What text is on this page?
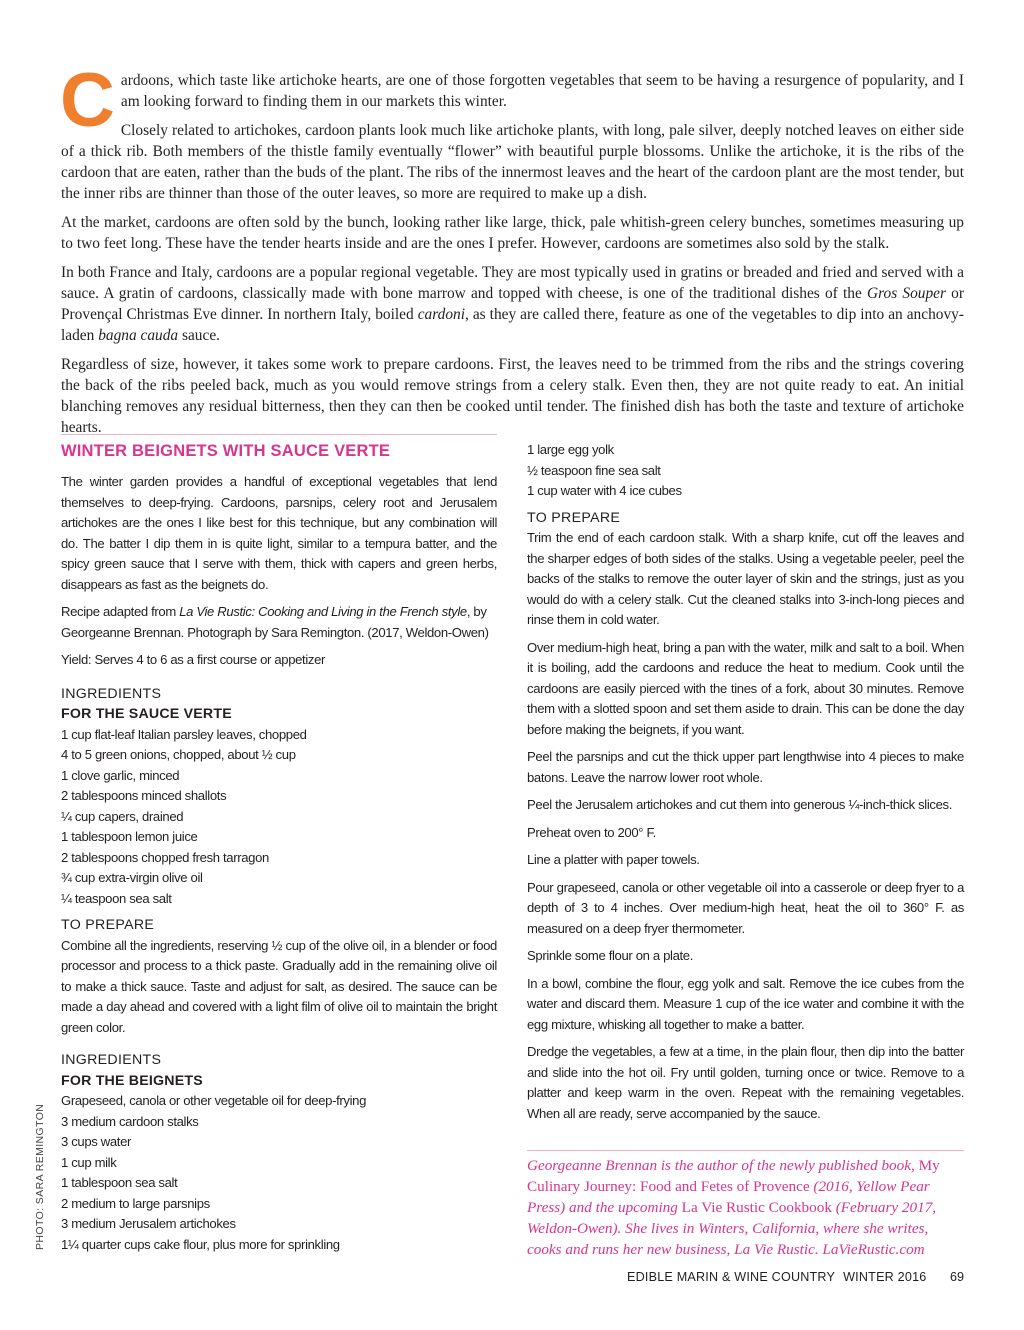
Cardoons, which taste like artichoke hearts, are one of those forgotten vegetables that seem to be having a resurgence of popularity, and I am looking forward to finding them in our markets this winter.

Closely related to artichokes, cardoon plants look much like artichoke plants, with long, pale silver, deeply notched leaves on either side of a thick rib. Both members of the thistle family eventually “flower” with beautiful purple blossoms. Unlike the artichoke, it is the ribs of the cardoon that are eaten, rather than the buds of the plant. The ribs of the innermost leaves and the heart of the cardoon plant are the most tender, but the inner ribs are thinner than those of the outer leaves, so more are required to make up a dish.

At the market, cardoons are often sold by the bunch, looking rather like large, thick, pale whitish-green celery bunches, sometimes measuring up to two feet long. These have the tender hearts inside and are the ones I prefer. However, cardoons are sometimes also sold by the stalk.

In both France and Italy, cardoons are a popular regional vegetable. They are most typically used in gratins or breaded and fried and served with a sauce. A gratin of cardoons, classically made with bone marrow and topped with cheese, is one of the traditional dishes of the Gros Souper or Provençal Christmas Eve dinner. In northern Italy, boiled cardoni, as they are called there, feature as one of the vegetables to dip into an anchovy-laden bagna cauda sauce.

Regardless of size, however, it takes some work to prepare cardoons. First, the leaves need to be trimmed from the ribs and the strings covering the back of the ribs peeled back, much as you would remove strings from a celery stalk. Even then, they are not quite ready to eat. An initial blanching removes any residual bitterness, then they can then be cooked until tender. The finished dish has both the taste and texture of artichoke hearts.

WINTER BEIGNETS WITH SAUCE VERTE

The winter garden provides a handful of exceptional vegetables that lend themselves to deep-frying. Cardoons, parsnips, celery root and Jerusalem artichokes are the ones I like best for this technique, but any combination will do. The batter I dip them in is quite light, similar to a tempura batter, and the spicy green sauce that I serve with them, thick with capers and green herbs, disappears as fast as the beignets do.

Recipe adapted from La Vie Rustic: Cooking and Living in the French style, by Georgeanne Brennan. Photograph by Sara Remington. (2017, Weldon-Owen)

Yield: Serves 4 to 6 as a first course or appetizer

INGREDIENTS
FOR THE SAUCE VERTE
1 cup flat-leaf Italian parsley leaves, chopped
4 to 5 green onions, chopped, about ½ cup
1 clove garlic, minced
2 tablespoons minced shallots
¼ cup capers, drained
1 tablespoon lemon juice
2 tablespoons chopped fresh tarragon
¾ cup extra-virgin olive oil
¼ teaspoon sea salt
TO PREPARE

Combine all the ingredients, reserving ½ cup of the olive oil, in a blender or food processor and process to a thick paste. Gradually add in the remaining olive oil to make a thick sauce. Taste and adjust for salt, as desired. The sauce can be made a day ahead and covered with a light film of olive oil to maintain the bright green color.

INGREDIENTS
FOR THE BEIGNETS
Grapeseed, canola or other vegetable oil for deep-frying
3 medium cardoon stalks
3 cups water
1 cup milk
1 tablespoon sea salt
2 medium to large parsnips
3 medium Jerusalem artichokes
1¼ quarter cups cake flour, plus more for sprinkling
1 large egg yolk
½ teaspoon fine sea salt
1 cup water with 4 ice cubes
TO PREPARE

Trim the end of each cardoon stalk. With a sharp knife, cut off the leaves and the sharper edges of both sides of the stalks. Using a vegetable peeler, peel the backs of the stalks to remove the outer layer of skin and the strings, just as you would do with a celery stalk. Cut the cleaned stalks into 3-inch-long pieces and rinse them in cold water.

Over medium-high heat, bring a pan with the water, milk and salt to a boil. When it is boiling, add the cardoons and reduce the heat to medium. Cook until the cardoons are easily pierced with the tines of a fork, about 30 minutes. Remove them with a slotted spoon and set them aside to drain. This can be done the day before making the beignets, if you want.

Peel the parsnips and cut the thick upper part lengthwise into 4 pieces to make batons. Leave the narrow lower root whole.

Peel the Jerusalem artichokes and cut them into generous ¼-inch-thick slices.

Preheat oven to 200° F.

Line a platter with paper towels.

Pour grapeseed, canola or other vegetable oil into a casserole or deep fryer to a depth of 3 to 4 inches. Over medium-high heat, heat the oil to 360° F. as measured on a deep fryer thermometer.

Sprinkle some flour on a plate.

In a bowl, combine the flour, egg yolk and salt. Remove the ice cubes from the water and discard them. Measure 1 cup of the ice water and combine it with the egg mixture, whisking all together to make a batter.

Dredge the vegetables, a few at a time, in the plain flour, then dip into the batter and slide into the hot oil. Fry until golden, turning once or twice. Remove to a platter and keep warm in the oven. Repeat with the remaining vegetables. When all are ready, serve accompanied by the sauce.

Georgeanne Brennan is the author of the newly published book, My Culinary Journey: Food and Fetes of Provence (2016, Yellow Pear Press) and the upcoming La Vie Rustic Cookbook (February 2017, Weldon-Owen). She lives in Winters, California, where she writes, cooks and runs her new business, La Vie Rustic. LaVieRustic.com
EDIBLE MARIN & WINE COUNTRY WINTER 2016	69
PHOTO: SARA REMINGTON
